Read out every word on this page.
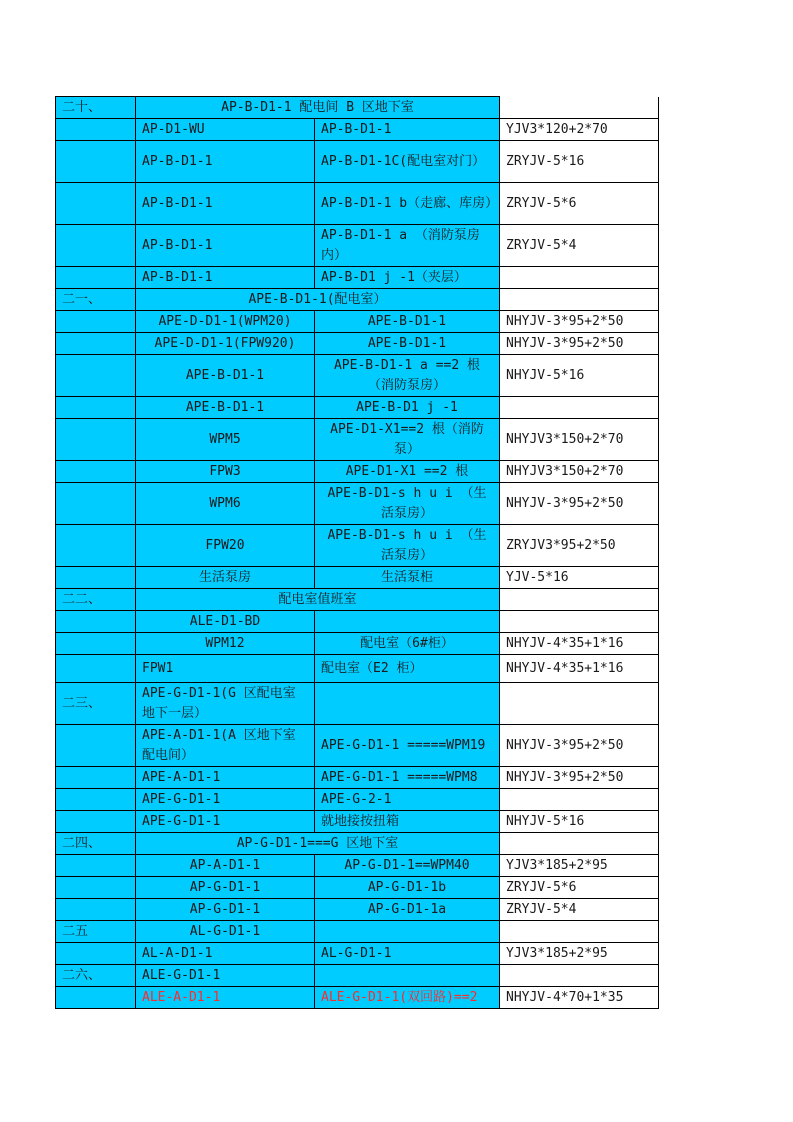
二十、	AP-B-D1-1 配电间 B 区地下室		
	AP-D1-WU	AP-B-D1-1	YJV3*120+2*70
	AP-B-D1-1	AP-B-D1-1C(配电室对门）	ZRYJV-5*16
	AP-B-D1-1	AP-B-D1-1 b（走廊、库房）	ZRYJV-5*6
	AP-B-D1-1	AP-B-D1-1 a （消防泵房内）	ZRYJV-5*4
	AP-B-D1-1	AP-B-D1 j -1（夹层）	
二一、	APE-B-D1-1(配电室）		
	APE-D-D1-1(WPM20)	APE-B-D1-1	NHYJV-3*95+2*50
	APE-D-D1-1(FPW920)	APE-B-D1-1	NHYJV-3*95+2*50
	APE-B-D1-1	APE-B-D1-1 a ==2 根（消防泵房）	NHYJV-5*16
	APE-B-D1-1	APE-B-D1 j -1	
	WPM5	APE-D1-X1==2 根（消防泵）	NHYJV3*150+2*70
	FPW3	APE-D1-X1 ==2 根	NHYJV3*150+2*70
	WPM6	APE-B-D1-s h u i （生活泵房）	NHYJV-3*95+2*50
	FPW20	APE-B-D1-s h u i （生活泵房）	ZRYJV3*95+2*50
	生活泵房	生活泵柜	YJV-5*16
二二、	配电室值班室		
	ALE-D1-BD		
	WPM12	配电室（6#柜）	NHYJV-4*35+1*16
	FPW1	配电室（E2 柜）	NHYJV-4*35+1*16
二三、	APE-G-D1-1(G 区配电室地下一层）		
	APE-A-D1-1(A 区地下室配电间）	APE-G-D1-1 =====WPM19	NHYJV-3*95+2*50
	APE-A-D1-1	APE-G-D1-1 =====WPM8	NHYJV-3*95+2*50
	APE-G-D1-1	APE-G-2-1	
	APE-G-D1-1	就地接按扭箱	NHYJV-5*16
二四、	AP-G-D1-1===G 区地下室		
	AP-A-D1-1	AP-G-D1-1==WPM40	YJV3*185+2*95
	AP-G-D1-1	AP-G-D1-1b	ZRYJV-5*6
	AP-G-D1-1	AP-G-D1-1a	ZRYJV-5*4
二五	AL-G-D1-1		
	AL-A-D1-1	AL-G-D1-1	YJV3*185+2*95
二六、	ALE-G-D1-1		
	ALE-A-D1-1	ALE-G-D1-1(双回路)==2	NHYJV-4*70+1*35
